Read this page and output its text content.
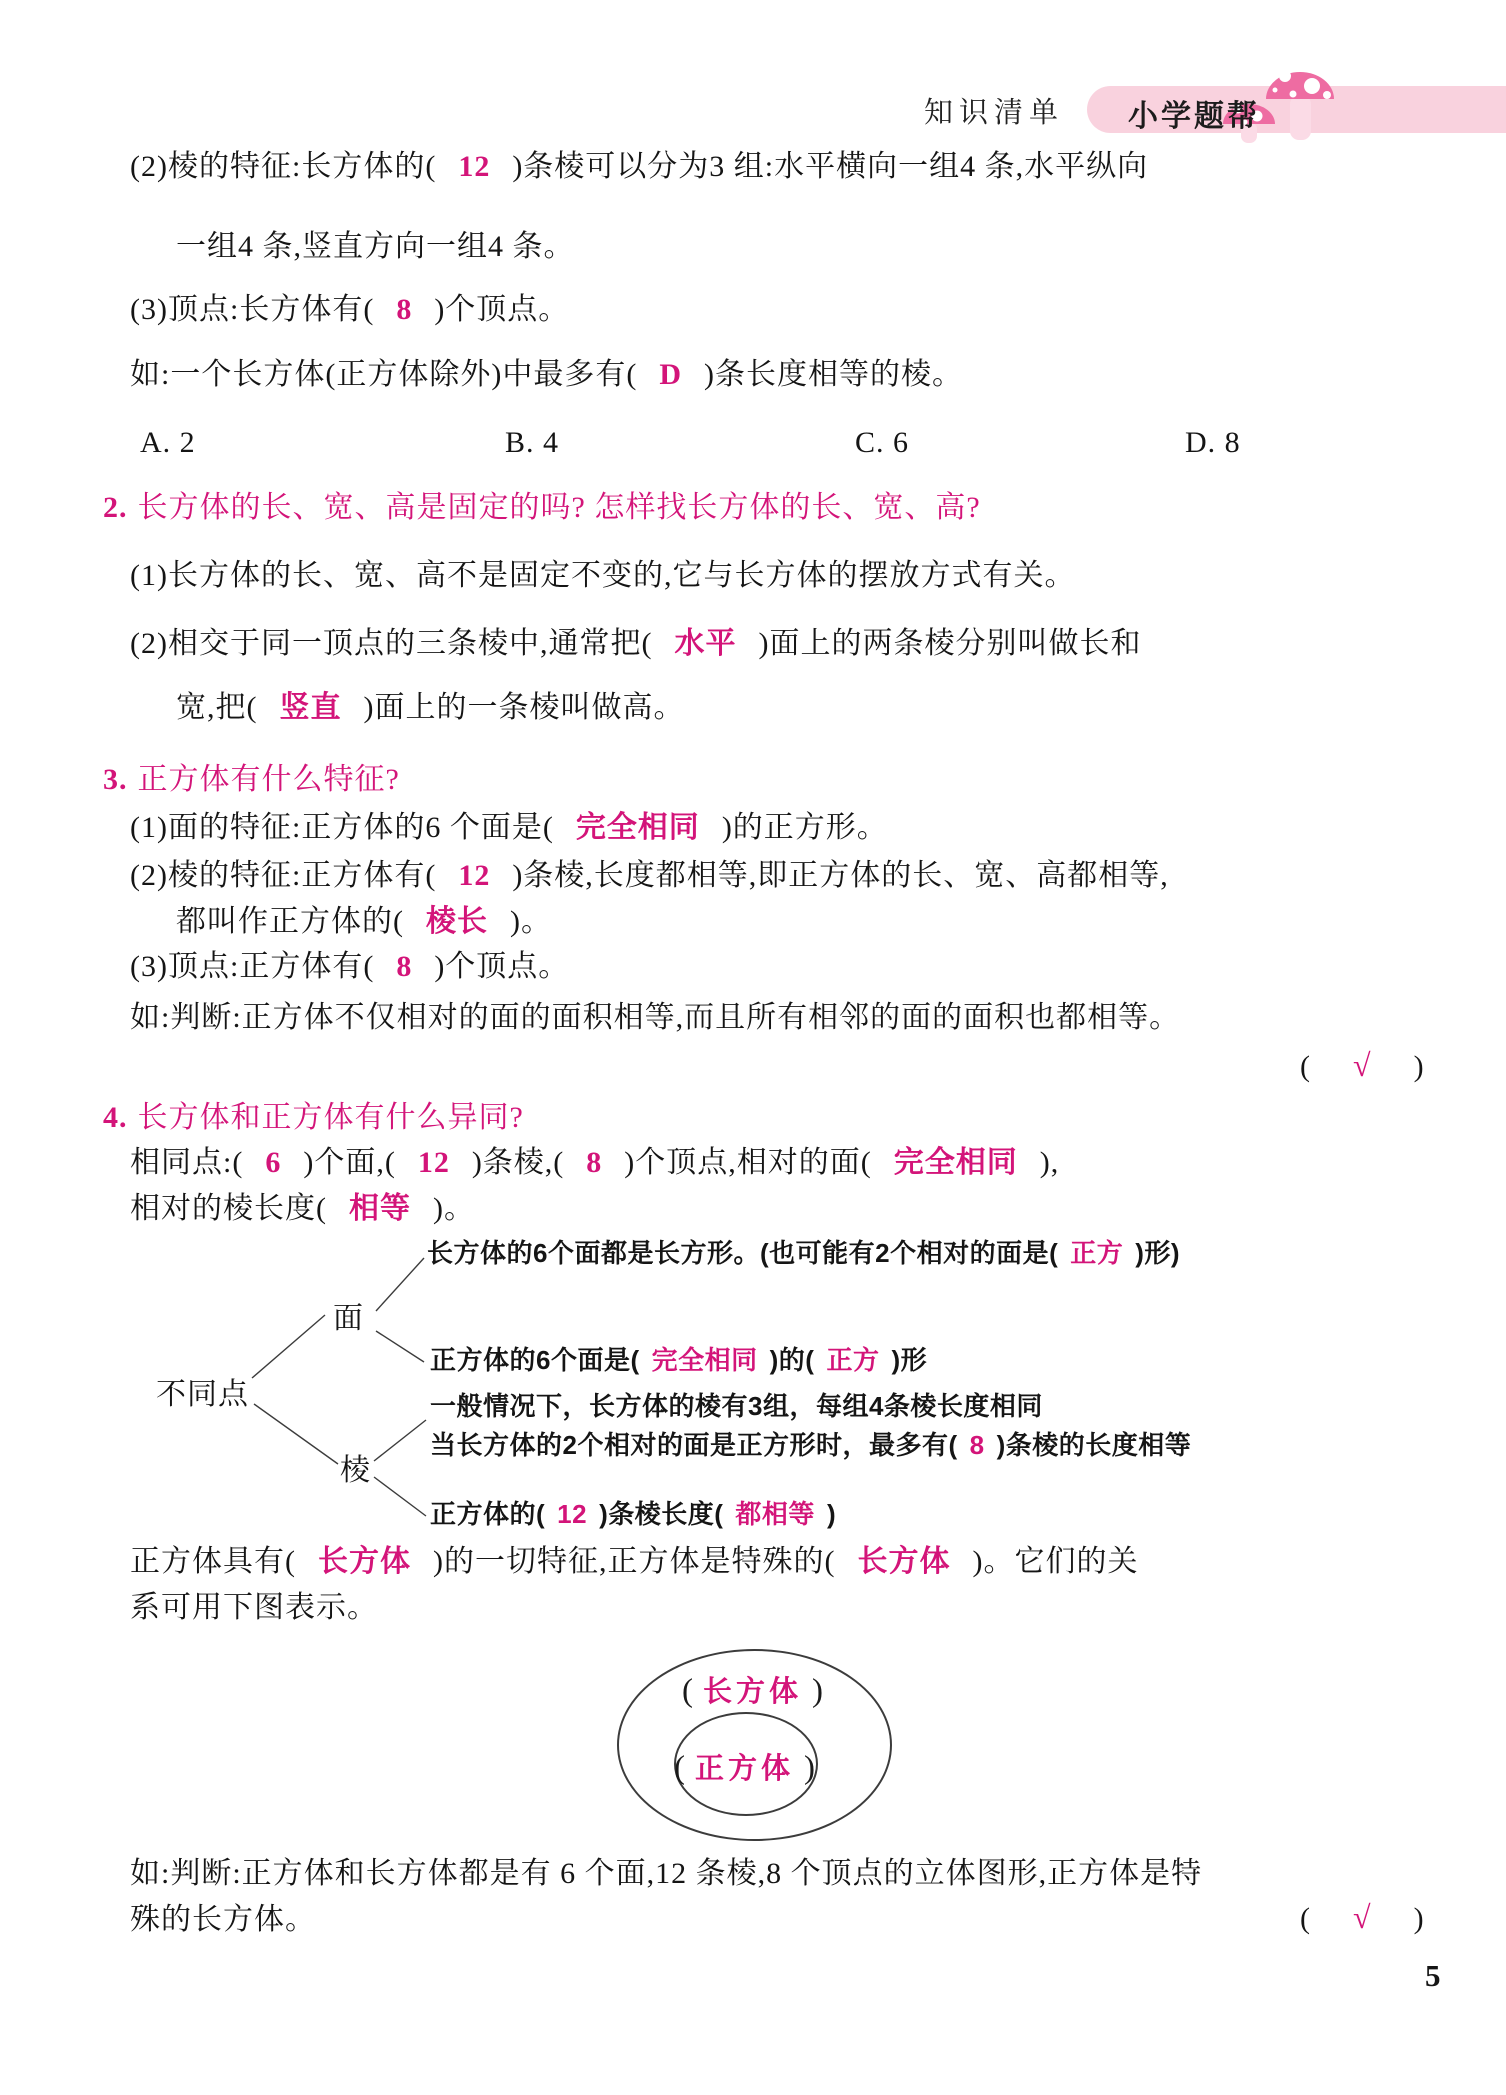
知识清单 小学题帮
(2)棱的特征:长方体的( 12 )条棱可以分为3 组:水平横向一组4 条,水平纵向
一组4 条,竖直方向一组4 条。
(3)顶点:长方体有( 8 )个顶点。
如:一个长方体(正方体除外)中最多有( D )条长度相等的棱。
A. 2	B. 4	C. 6	D. 8
2. 长方体的长、宽、高是固定的吗? 怎样找长方体的长、宽、高?
(1)长方体的长、宽、高不是固定不变的,它与长方体的摆放方式有关。
(2)相交于同一顶点的三条棱中,通常把( 水平 )面上的两条棱分别叫做长和
宽,把( 竖直 )面上的一条棱叫做高。
3. 正方体有什么特征?
(1)面的特征:正方体的6 个面是( 完全相同 )的正方形。
(2)棱的特征:正方体有( 12 )条棱,长度都相等,即正方体的长、宽、高都相等,
都叫作正方体的( 棱长 )。
(3)顶点:正方体有( 8 )个顶点。
如:判断:正方体不仅相对的面的面积相等,而且所有相邻的面的面积也都相等。
( √ )
4. 长方体和正方体有什么异同?
相同点:( 6 )个面,( 12 )条棱,( 8 )个顶点,相对的面( 完全相同 ),
相对的棱长度( 相等 )。
不同点
面
棱
长方体的6个面都是长方形。(也可能有2个相对的面是( 正方 )形)
正方体的6个面是( 完全相同 )的( 正方 )形
一般情况下，长方体的棱有3组，每组4条棱长度相同
当长方体的2个相对的面是正方形时，最多有( 8 )条棱的长度相等
正方体的( 12 )条棱长度( 都相等 )
正方体具有( 长方体 )的一切特征,正方体是特殊的( 长方体 )。它们的关
系可用下图表示。
( 长方体 )
( 正方体 )
如:判断:正方体和长方体都是有 6 个面,12 条棱,8 个顶点的立体图形,正方体是特
殊的长方体。	( √ )
5
